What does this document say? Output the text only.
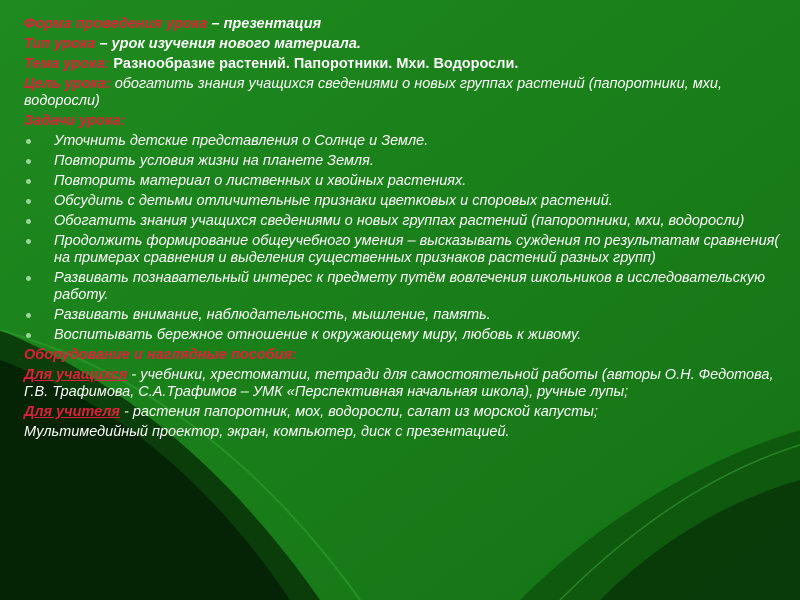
Форма проведения урока – презентация
Тип урока – урок изучения нового материала.
Тема урока: Разнообразие растений. Папоротники. Мхи. Водоросли.
Цель урока: обогатить знания учащихся сведениями о новых группах растений (папоротники, мхи, водоросли)
Задачи урока:
Уточнить детские представления о Солнце и Земле.
Повторить условия жизни на планете Земля.
Повторить материал о лиственных и хвойных растениях.
Обсудить с детьми отличительные признаки цветковых и споровых растений.
Обогатить знания учащихся сведениями о новых группах растений (папоротники, мхи, водоросли)
Продолжить формирование общеучебного умения – высказывать суждения по результатам сравнения( на примерах сравнения и выделения существенных признаков растений разных групп)
Развивать познавательный интерес к предмету путём вовлечения школьников в исследовательскую работу.
Развивать внимание, наблюдательность, мышление, память.
Воспитывать бережное отношение к окружающему миру, любовь к живому.
Оборудование и наглядные пособия:
Для учащихся - учебники, хрестоматии, тетради для самостоятельной работы (авторы О.Н. Федотова, Г.В. Трафимова, С.А.Трафимов – УМК «Перспективная начальная школа), ручные лупы;
Для учителя - растения папоротник, мох, водоросли, салат из морской капусты;
Мультимедийный проектор, экран, компьютер, диск с презентацией.
